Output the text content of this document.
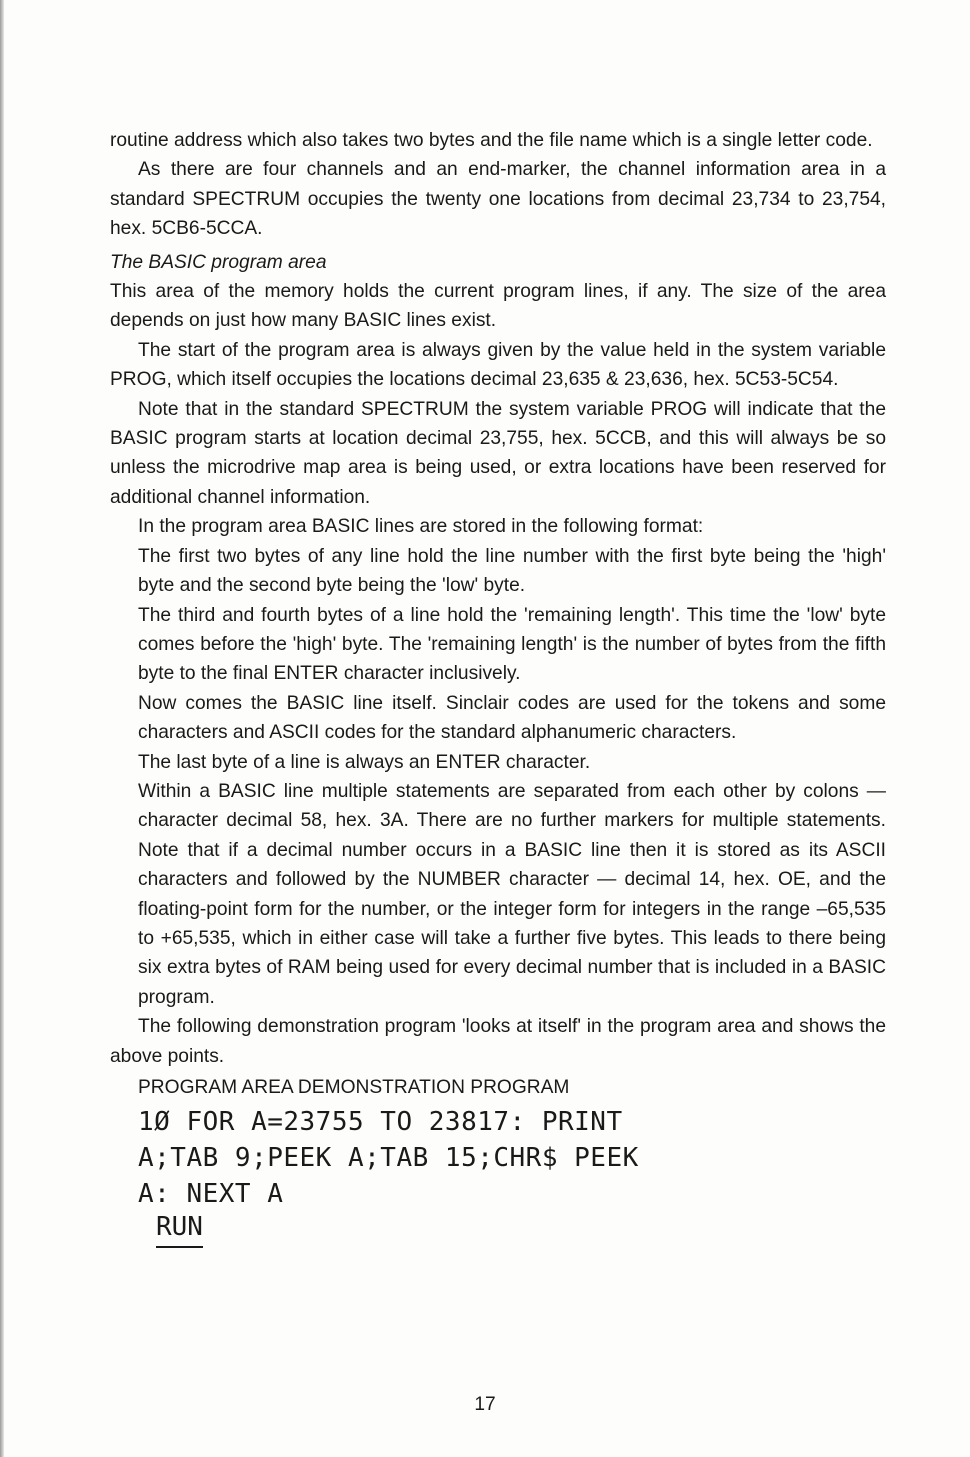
routine address which also takes two bytes and the file name which is a single letter code.

As there are four channels and an end-marker, the channel information area in a standard SPECTRUM occupies the twenty one locations from decimal 23,734 to 23,754, hex. 5CB6-5CCA.

The BASIC program area

This area of the memory holds the current program lines, if any. The size of the area depends on just how many BASIC lines exist.

The start of the program area is always given by the value held in the system variable PROG, which itself occupies the locations decimal 23,635 & 23,636, hex. 5C53-5C54.

Note that in the standard SPECTRUM the system variable PROG will indicate that the BASIC program starts at location decimal 23,755, hex. 5CCB, and this will always be so unless the microdrive map area is being used, or extra locations have been reserved for additional channel information.

In the program area BASIC lines are stored in the following format:

The first two bytes of any line hold the line number with the first byte being the 'high' byte and the second byte being the 'low' byte.

The third and fourth bytes of a line hold the 'remaining length'. This time the 'low' byte comes before the 'high' byte. The 'remaining length' is the number of bytes from the fifth byte to the final ENTER character inclusively.

Now comes the BASIC line itself. Sinclair codes are used for the tokens and some characters and ASCII codes for the standard alphanumeric characters.

The last byte of a line is always an ENTER character.

Within a BASIC line multiple statements are separated from each other by colons — character decimal 58, hex. 3A. There are no further markers for multiple statements. Note that if a decimal number occurs in a BASIC line then it is stored as its ASCII characters and followed by the NUMBER character — decimal 14, hex. OE, and the floating-point form for the number, or the integer form for integers in the range –65,535 to +65,535, which in either case will take a further five bytes. This leads to there being six extra bytes of RAM being used for every decimal number that is included in a BASIC program.

The following demonstration program 'looks at itself' in the program area and shows the above points.

PROGRAM AREA DEMONSTRATION PROGRAM

1Ø FOR A=23755 TO 23817: PRINT

A;TAB 9;PEEK A;TAB 15;CHR$ PEEK

A: NEXT A

RUN
17
